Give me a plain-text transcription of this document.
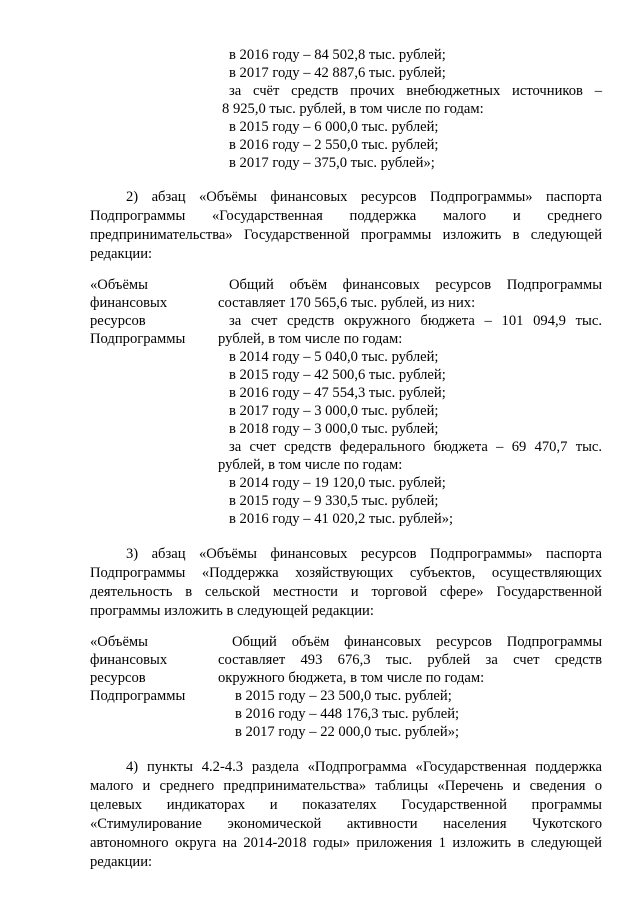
в 2016 году – 84 502,8 тыс. рублей;
в 2017 году – 42 887,6 тыс. рублей;
за счёт средств прочих внебюджетных источников –
8 925,0 тыс. рублей, в том числе по годам:
в 2015 году – 6 000,0 тыс. рублей;
в 2016 году – 2 550,0 тыс. рублей;
в 2017 году – 375,0 тыс. рублей»;
2) абзац «Объёмы финансовых ресурсов Подпрограммы» паспорта
Подпрограммы «Государственная поддержка малого и среднего
предпринимательства» Государственной программы изложить в следующей
редакции:
«Объёмы
финансовых
ресурсов
Подпрограммы
Общий объём финансовых ресурсов Подпрограммы
составляет 170 565,6 тыс. рублей, из них:
за счет средств окружного бюджета – 101 094,9 тыс.
рублей, в том числе по годам:
в 2014 году – 5 040,0 тыс. рублей;
в 2015 году – 42 500,6 тыс. рублей;
в 2016 году – 47 554,3 тыс. рублей;
в 2017 году – 3 000,0 тыс. рублей;
в 2018 году – 3 000,0 тыс. рублей;
за счет средств федерального бюджета – 69 470,7 тыс.
рублей, в том числе по годам:
в 2014 году – 19 120,0 тыс. рублей;
в 2015 году – 9 330,5 тыс. рублей;
в 2016 году – 41 020,2 тыс. рублей»;
3) абзац «Объёмы финансовых ресурсов Подпрограммы» паспорта
Подпрограммы «Поддержка хозяйствующих субъектов, осуществляющих
деятельность в сельской местности и торговой сфере» Государственной
программы изложить в следующей редакции:
«Объёмы
финансовых
ресурсов
Подпрограммы
Общий объём финансовых ресурсов Подпрограммы
составляет 493 676,3 тыс. рублей за счет средств
окружного бюджета, в том числе по годам:
в 2015 году – 23 500,0 тыс. рублей;
в 2016 году – 448 176,3 тыс. рублей;
в 2017 году – 22 000,0 тыс. рублей»;
4) пункты 4.2-4.3 раздела «Подпрограмма «Государственная поддержка
малого и среднего предпринимательства» таблицы «Перечень и сведения о
целевых индикаторах и показателях Государственной программы
«Стимулирование экономической активности населения Чукотского
автономного округа на 2014-2018 годы» приложения 1 изложить в следующей
редакции:
